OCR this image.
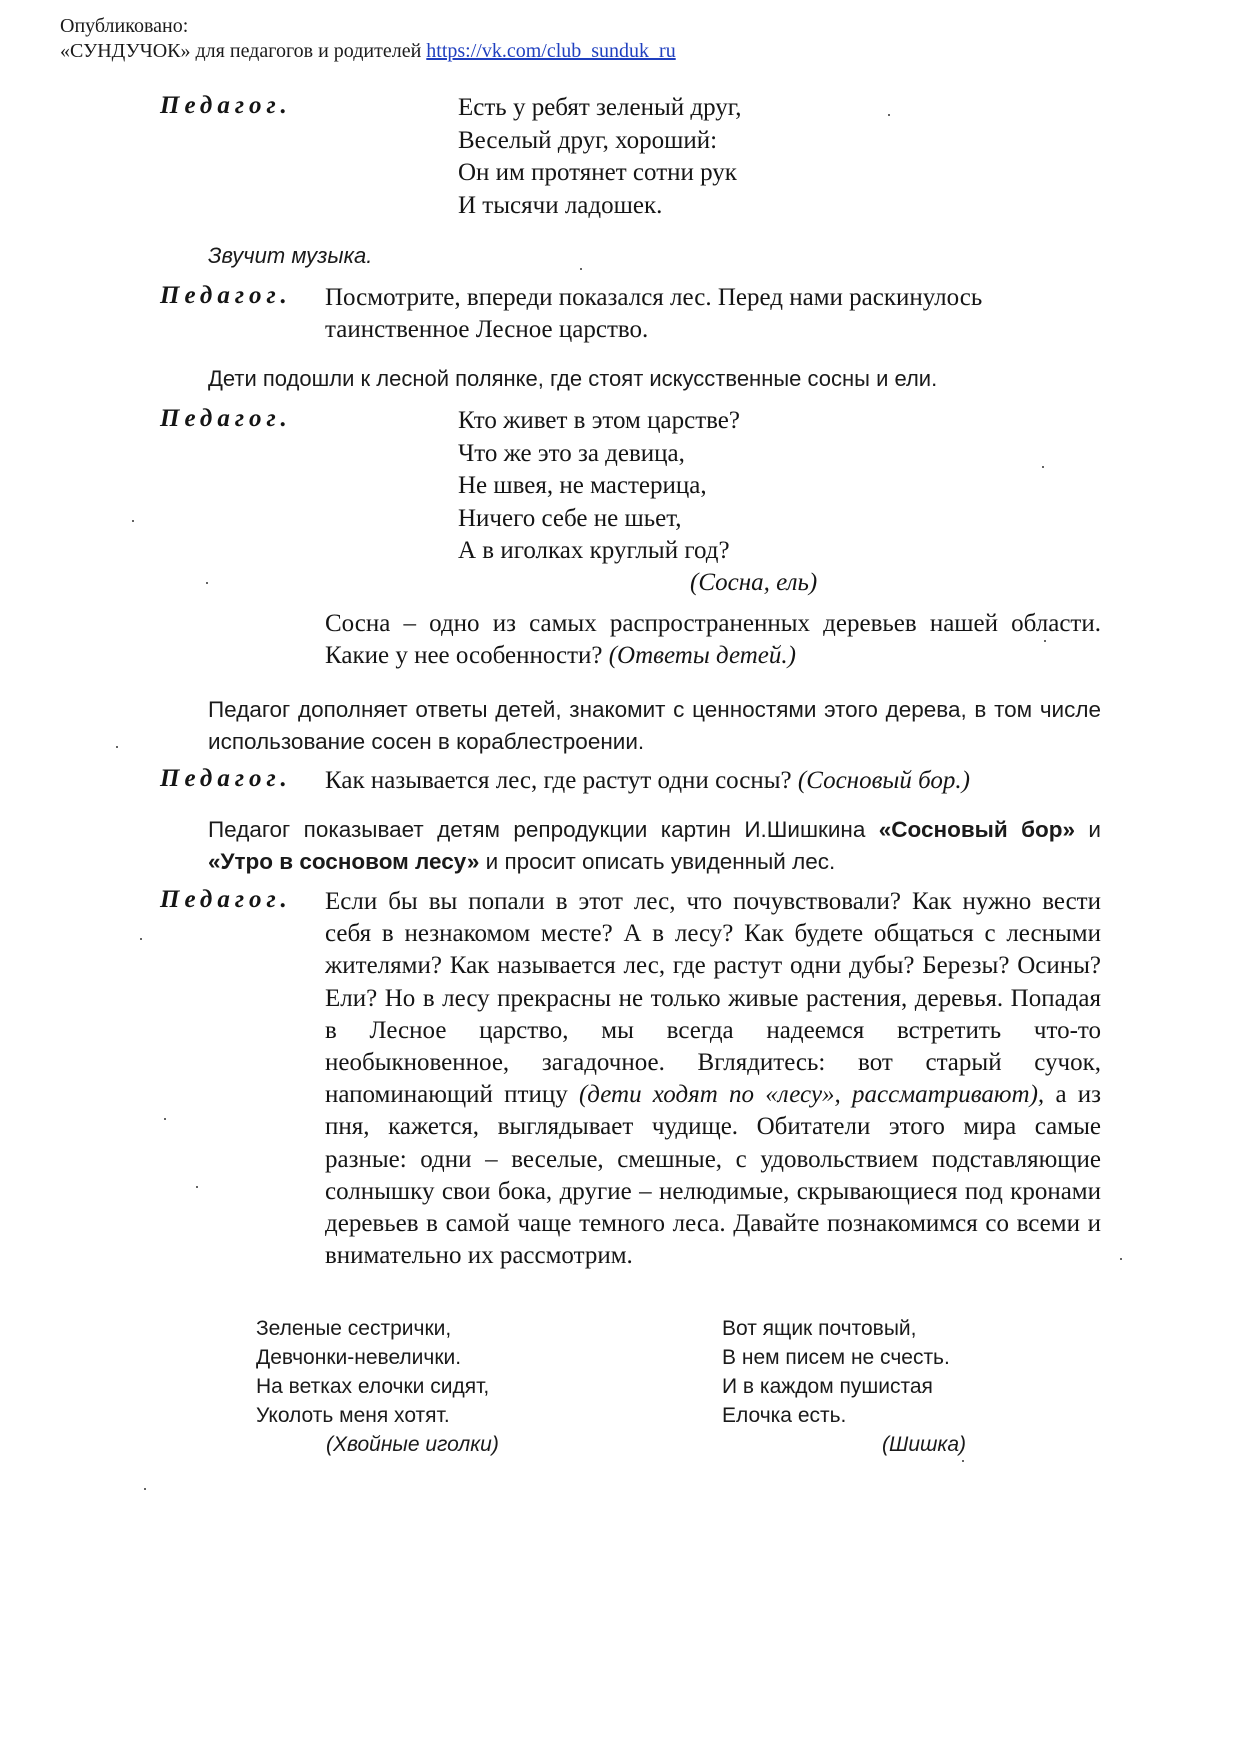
Опубликовано:
«СУНДУЧОК» для педагогов и родителей https://vk.com/club_sunduk_ru
Педагог.	Есть у ребят зеленый друг,
Веселый друг, хороший:
Он им протянет сотни рук
И тысячи ладошек.
Звучит музыка.
Педагог. Посмотрите, впереди показался лес. Перед нами раскинулось таинственное Лесное царство.
Дети подошли к лесной полянке, где стоят искусственные сосны и ели.
Педагог.	Кто живет в этом царстве?
Что же это за девица,
Не швея, не мастерица,
Ничего себе не шьет,
А в иголках круглый год?
(Сосна, ель)
Сосна – одно из самых распространенных деревьев нашей области. Какие у нее особенности? (Ответы детей.)
Педагог дополняет ответы детей, знакомит с ценностями этого дерева, в том числе использование сосен в кораблестроении.
Педагог. Как называется лес, где растут одни сосны? (Сосновый бор.)
Педагог показывает детям репродукции картин И.Шишкина «Сосновый бор» и «Утро в сосновом лесу» и просит описать увиденный лес.
Педагог. Если бы вы попали в этот лес, что почувствовали? Как нужно вести себя в незнакомом месте? А в лесу? Как будете общаться с лесными жителями? Как называется лес, где растут одни дубы? Березы? Осины? Ели? Но в лесу прекрасны не только живые растения, деревья. Попадая в Лесное царство, мы всегда надеемся встретить что-то необыкновенное, загадочное. Вглядитесь: вот старый сучок, напоминающий птицу (дети ходят по «лесу», рассматривают), а из пня, кажется, выглядывает чудище. Обитатели этого мира самые разные: одни – веселые, смешные, с удовольствием подставляющие солнышку свои бока, другие – нелюдимые, скрывающиеся под кронами деревьев в самой чаще темного леса. Давайте познакомимся со всеми и внимательно их рассмотрим.
Зеленые сестрички,
Девчонки-невелички.
На ветках елочки сидят,
Уколоть меня хотят.
(Хвойные иголки)
Вот ящик почтовый,
В нем писем не счесть.
И в каждом пушистая
Елочка есть.
(Шишка)
